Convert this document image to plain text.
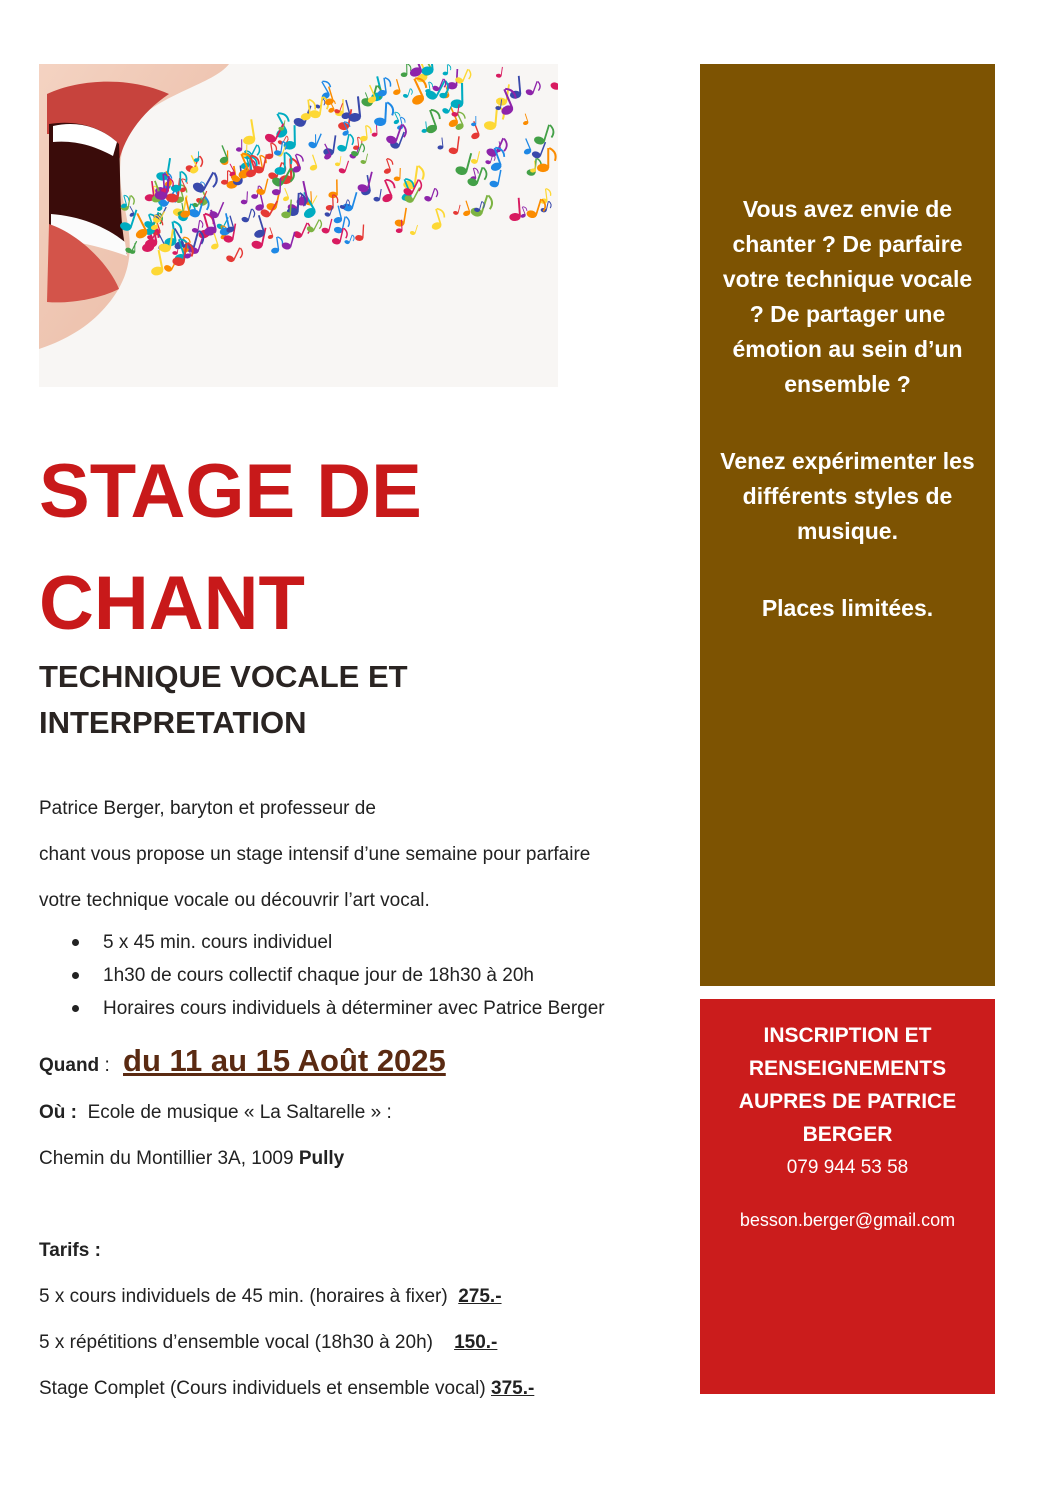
STAGE DE
CHANT
TECHNIQUE VOCALE ET
INTERPRETATION
Patrice Berger, baryton et professeur de
chant vous propose un stage intensif d’une semaine pour parfaire
votre technique vocale ou découvrir l’art vocal.
5 x 45 min. cours individuel
1h30 de cours collectif chaque jour de 18h30 à 20h
Horaires cours individuels à déterminer avec Patrice Berger
Quand : du 11 au 15 Août 2025
Où : Ecole de musique « La Saltarelle » :
Chemin du Montillier 3A, 1009 Pully
Tarifs :
5 x cours individuels de 45 min. (horaires à fixer)  275.-
5 x répétitions d’ensemble vocal (18h30 à 20h)    150.-
Stage Complet (Cours individuels et ensemble vocal) 375.-

Vous avez envie de chanter ? De parfaire votre technique vocale ? De partager une émotion au sein d’un ensemble ?

Venez expérimenter les différents styles de musique.

Places limitées.

INSCRIPTION ET RENSEIGNEMENTS AUPRES DE PATRICE BERGER

079 944 53 58

besson.berger@gmail.com
